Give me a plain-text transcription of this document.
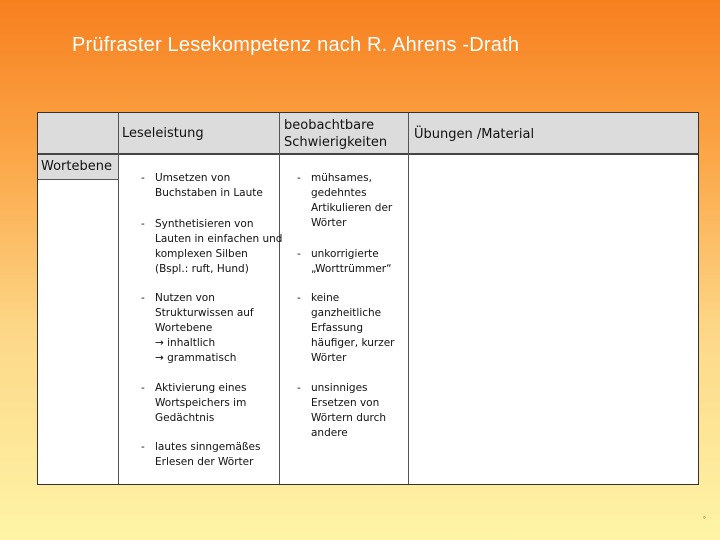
Prüfraster Lesekompetenz nach R. Ahrens -Drath
Leseleistung
beobachtbare
Schwierigkeiten
Übungen /Material
Wortebene
- Umsetzen von
Buchstaben in Laute
- Synthetisieren von
Lauten in einfachen und
komplexen Silben
(Bspl.: ruft, Hund)
- Nutzen von
Strukturwissen auf
Wortebene
→ inhaltlich
→ grammatisch
- Aktivierung eines
Wortspeichers im
Gedächtnis
- lautes sinngemäßes
Erlesen der Wörter
- mühsames,
gedehntes
Artikulieren der
Wörter
- unkorrigierte
„Worttrümmer“
- keine
ganzheitliche
Erfassung
häufiger, kurzer
Wörter
- unsinniges
Ersetzen von
Wörtern durch
andere
◦
